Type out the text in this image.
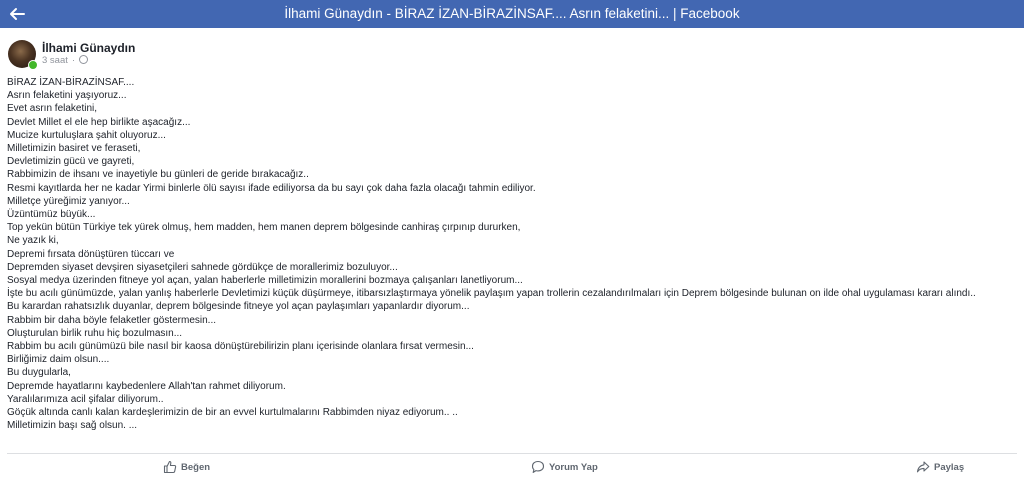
İlhami Günaydın - BİRAZ İZAN-BİRAZİNSAF.... Asrın felaketini... | Facebook
İlhami Günaydın
3 saat ·
BİRAZ İZAN-BİRAZİNSAF....
Asrın felaketini yaşıyoruz...
Evet asrın felaketini,
Devlet Millet el ele hep birlikte aşacağız...
Mucize kurtuluşlara şahit oluyoruz...
Milletimizin basiret ve feraseti,
Devletimizin gücü ve gayreti,
Rabbimizin de ihsanı ve inayetiyle bu günleri de geride bırakacağız..
Resmi kayıtlarda her ne kadar Yirmi binlerle ölü sayısı ifade ediliyorsa da bu sayı çok daha fazla olacağı tahmin ediliyor.
Milletçe yüreğimiz yanıyor...
Üzüntümüz büyük...
Top yekün bütün Türkiye tek yürek olmuş, hem madden, hem manen deprem bölgesinde canhiraş çırpınıp dururken,
Ne yazık ki,
Depremi fırsata dönüştüren tüccarı ve
Depremden siyaset devşiren siyasetçileri sahnede gördükçe de morallerimiz bozuluyor...
Sosyal medya üzerinden fitneye yol açan, yalan haberlerle milletimizin morallerini bozmaya çalışanları lanetliyorum...
İşte bu acılı günümüzde, yalan yanlış haberlerle Devletimizi küçük düşürmeye, itibarsızlaştırmaya yönelik paylaşım yapan trollerin cezalandırılmaları için Deprem bölgesinde bulunan on ilde ohal uygulaması kararı alındı..
Bu karardan rahatsızlık duyanlar, deprem bölgesinde fitneye yol açan paylaşımları yapanlardır diyorum...
Rabbim bir daha böyle felaketler göstermesin...
Oluşturulan birlik ruhu hiç bozulmasın...
Rabbim bu acılı günümüzü bile nasıl bir kaosa dönüştürebilirizin planı içerisinde olanlara fırsat vermesin...
Birliğimiz daim olsun....
Bu duygularla,
Depremde hayatlarını kaybedenlere Allah'tan rahmet diliyorum.
Yaralılarımıza acil şifalar diliyorum..
Göçük altında canlı kalan kardeşlerimizin de bir an evvel kurtulmalarını Rabbimden niyaz ediyorum.. ..
Milletimizin başı sağ olsun. ...
Beğen	Yorum Yap	Paylaş
